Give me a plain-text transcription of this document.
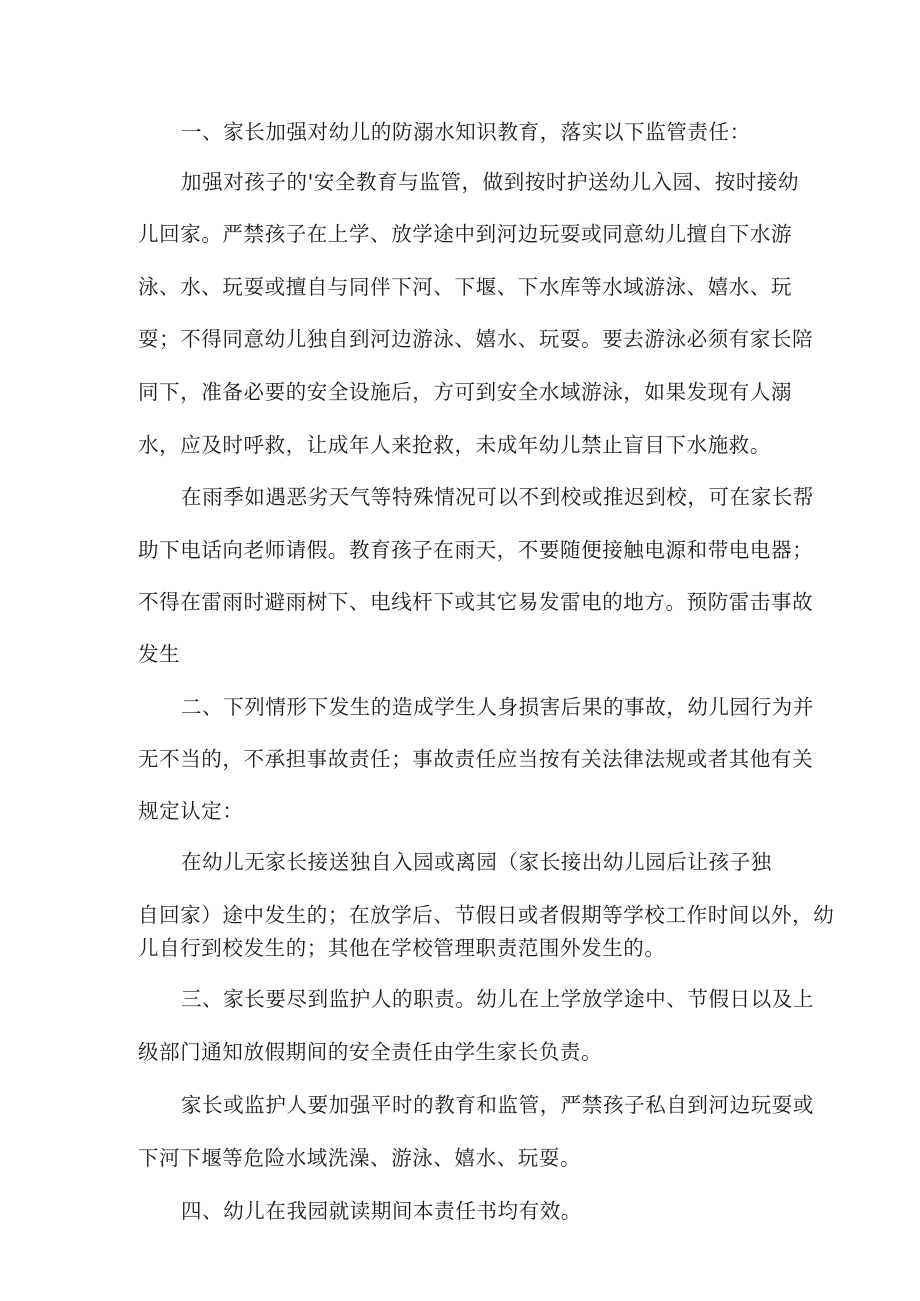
一、家长加强对幼儿的防溺水知识教育，落实以下监管责任：
加强对孩子的'安全教育与监管，做到按时护送幼儿入园、按时接幼
儿回家。严禁孩子在上学、放学途中到河边玩耍或同意幼儿擅自下水游
泳、水、玩耍或擅自与同伴下河、下堰、下水库等水域游泳、嬉水、玩
耍；不得同意幼儿独自到河边游泳、嬉水、玩耍。要去游泳必须有家长陪
同下，准备必要的安全设施后，方可到安全水域游泳，如果发现有人溺
水，应及时呼救，让成年人来抢救，未成年幼儿禁止盲目下水施救。
在雨季如遇恶劣天气等特殊情况可以不到校或推迟到校，可在家长帮
助下电话向老师请假。教育孩子在雨天，不要随便接触电源和带电电器；
不得在雷雨时避雨树下、电线杆下或其它易发雷电的地方。预防雷击事故
发生
二、下列情形下发生的造成学生人身损害后果的事故，幼儿园行为并
无不当的，不承担事故责任；事故责任应当按有关法律法规或者其他有关
规定认定：
在幼儿无家长接送独自入园或离园（家长接出幼儿园后让孩子独
自回家）途中发生的；在放学后、节假日或者假期等学校工作时间以外，幼
儿自行到校发生的；其他在学校管理职责范围外发生的。
三、家长要尽到监护人的职责。幼儿在上学放学途中、节假日以及上
级部门通知放假期间的安全责任由学生家长负责。
家长或监护人要加强平时的教育和监管，严禁孩子私自到河边玩耍或
下河下堰等危险水域洗澡、游泳、嬉水、玩耍。
四、幼儿在我园就读期间本责任书均有效。
